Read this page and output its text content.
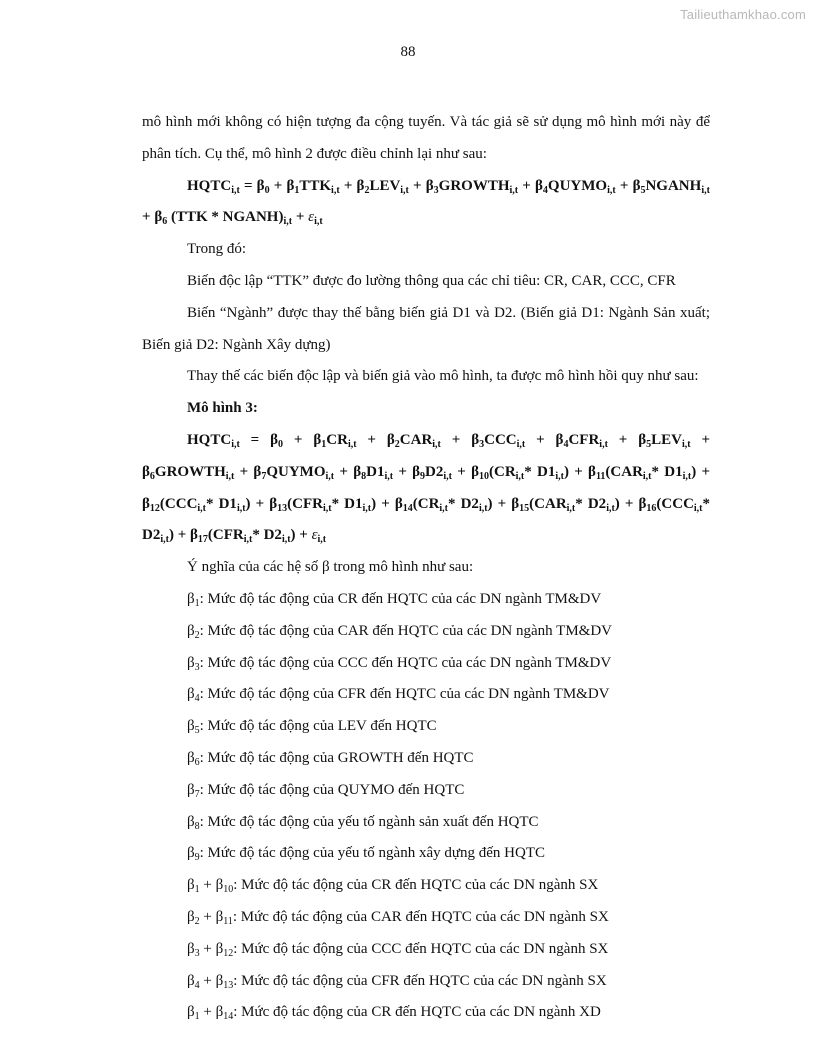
Tailieuthamkhao.com
88

mô hình mới không có hiện tượng đa cộng tuyến. Và tác giả sẽ sử dụng mô hình mới này để phân tích. Cụ thể, mô hình 2 được điều chỉnh lại như sau:

$HQTC_{i,t} = \beta_0 + \beta_1TTK_{i,t} + \beta_2LEV_{i,t}$ + $\beta_3GROWTH_{i,t}$ + $\beta_4QUYMO_{i,t}$ + $\beta_5NGANH_{i,t} + \beta_6$ $(TTK * NGANH)_{i,t} + \varepsilon_{i,t}$

Trong đó:

Biến độc lập “TTK” được đo lường thông qua các chỉ tiêu: CR, CAR, CCC, CFR

Biến “Ngành” được thay thế bằng biến giả D1 và D2. (Biến giả D1: Ngành Sản xuất; Biến giả D2: Ngành Xây dựng)

Thay thế các biến độc lập và biến giả vào mô hình, ta được mô hình hồi quy như sau:

Mô hình 3:

$HQTC_{i,t} = \beta_0 + \beta_1CR_{i,t} + \beta_2CAR_{i,t} + \beta_3CCC_{i,t} + \beta_4CFR_{i,t} + \beta_5LEV_{i,t}$ + $\beta_6GROWTH_{i,t}$ + $\beta_7QUYMO_{i,t} + \beta_8D1_{i,t} + \beta_9D2_{i,t} + \beta_{10}(CR_{i,t}*$ $D1_{i,t}) + \beta_{11}(CAR_{i,t}*$ $D1_{i,t}) + \beta_{12}(CCC_{i,t}*$ $D1_{i,t}) + \beta_{13}(CFR_{i,t}*$ $D1_{i,t}) + \beta_{14}(CR_{i,t}*$ $D2_{i,t}) + \beta_{15}(CAR_{i,t}*$ $D2_{i,t}) + \beta_{16}(CCC_{i,t}*$ $D2_{i,t}) + \beta_{17}(CFR_{i,t}*$ $D2_{i,t}) + \varepsilon_{i,t}$

Ý nghĩa của các hệ số β trong mô hình như sau:

$\beta_1$: Mức độ tác động của CR đến HQTC của các DN ngành TM&DV

$\beta_2$: Mức độ tác động của CAR đến HQTC của các DN ngành TM&DV

$\beta_3$: Mức độ tác động của CCC đến HQTC của các DN ngành TM&DV

$\beta_4$: Mức độ tác động của CFR đến HQTC của các DN ngành TM&DV

$\beta_5$: Mức độ tác động của LEV đến HQTC

$\beta_6$: Mức độ tác động của GROWTH đến HQTC

$\beta_7$: Mức độ tác động của QUYMO đến HQTC

$\beta_8$: Mức độ tác động của yếu tố ngành sản xuất đến HQTC

$\beta_9$: Mức độ tác động của yếu tố ngành xây dựng đến HQTC

$\beta_1 + \beta_{10}$: Mức độ tác động của CR đến HQTC của các DN ngành SX

$\beta_2 + \beta_{11}$: Mức độ tác động của CAR đến HQTC của các DN ngành SX

$\beta_3 + \beta_{12}$: Mức độ tác động của CCC đến HQTC của các DN ngành SX

$\beta_4 + \beta_{13}$: Mức độ tác động của CFR đến HQTC của các DN ngành SX

$\beta_1 + \beta_{14}$: Mức độ tác động của CR đến HQTC của các DN ngành XD
